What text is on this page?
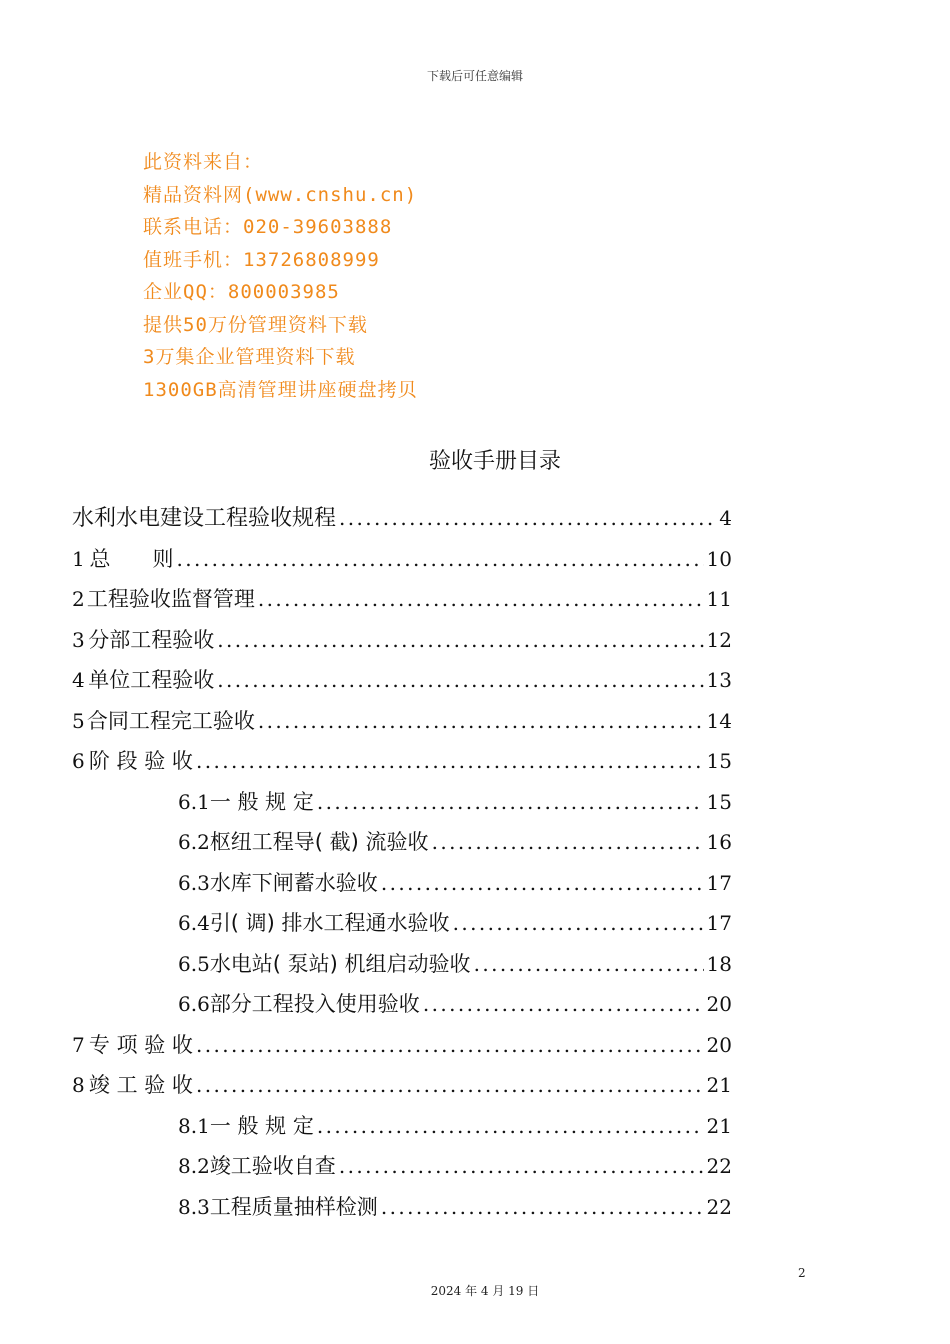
下载后可任意编辑
此资料来自：
精品资料网(www.cnshu.cn)
联系电话：020-39603888
值班手机：13726808999
企业QQ：800003985
提供50万份管理资料下载
3万集企业管理资料下载
1300GB高清管理讲座硬盘拷贝
验收手册目录
水利水电建设工程验收规程 .....	4
1 总　　则 .....	10
2 工程验收监督管理 .....	11
3 分部工程验收 .....	12
4 单位工程验收 .....	13
5 合同工程完工验收 .....	14
6 阶 段 验 收 .....	15
6.1 一 般 规 定 .....	15
6.2 枢纽工程导( 截) 流验收 .....	16
6.3 水库下闸蓄水验收 .....	17
6.4 引( 调) 排水工程通水验收 .....	17
6.5 水电站( 泵站) 机组启动验收 .....	18
6.6 部分工程投入使用验收 .....	20
7 专 项 验 收 .....	20
8 竣 工 验 收 .....	21
8.1 一 般 规 定 .....	21
8.2 竣工验收自查 .....	22
8.3 工程质量抽样检测 .....	22
2
2024 年 4 月 19 日
